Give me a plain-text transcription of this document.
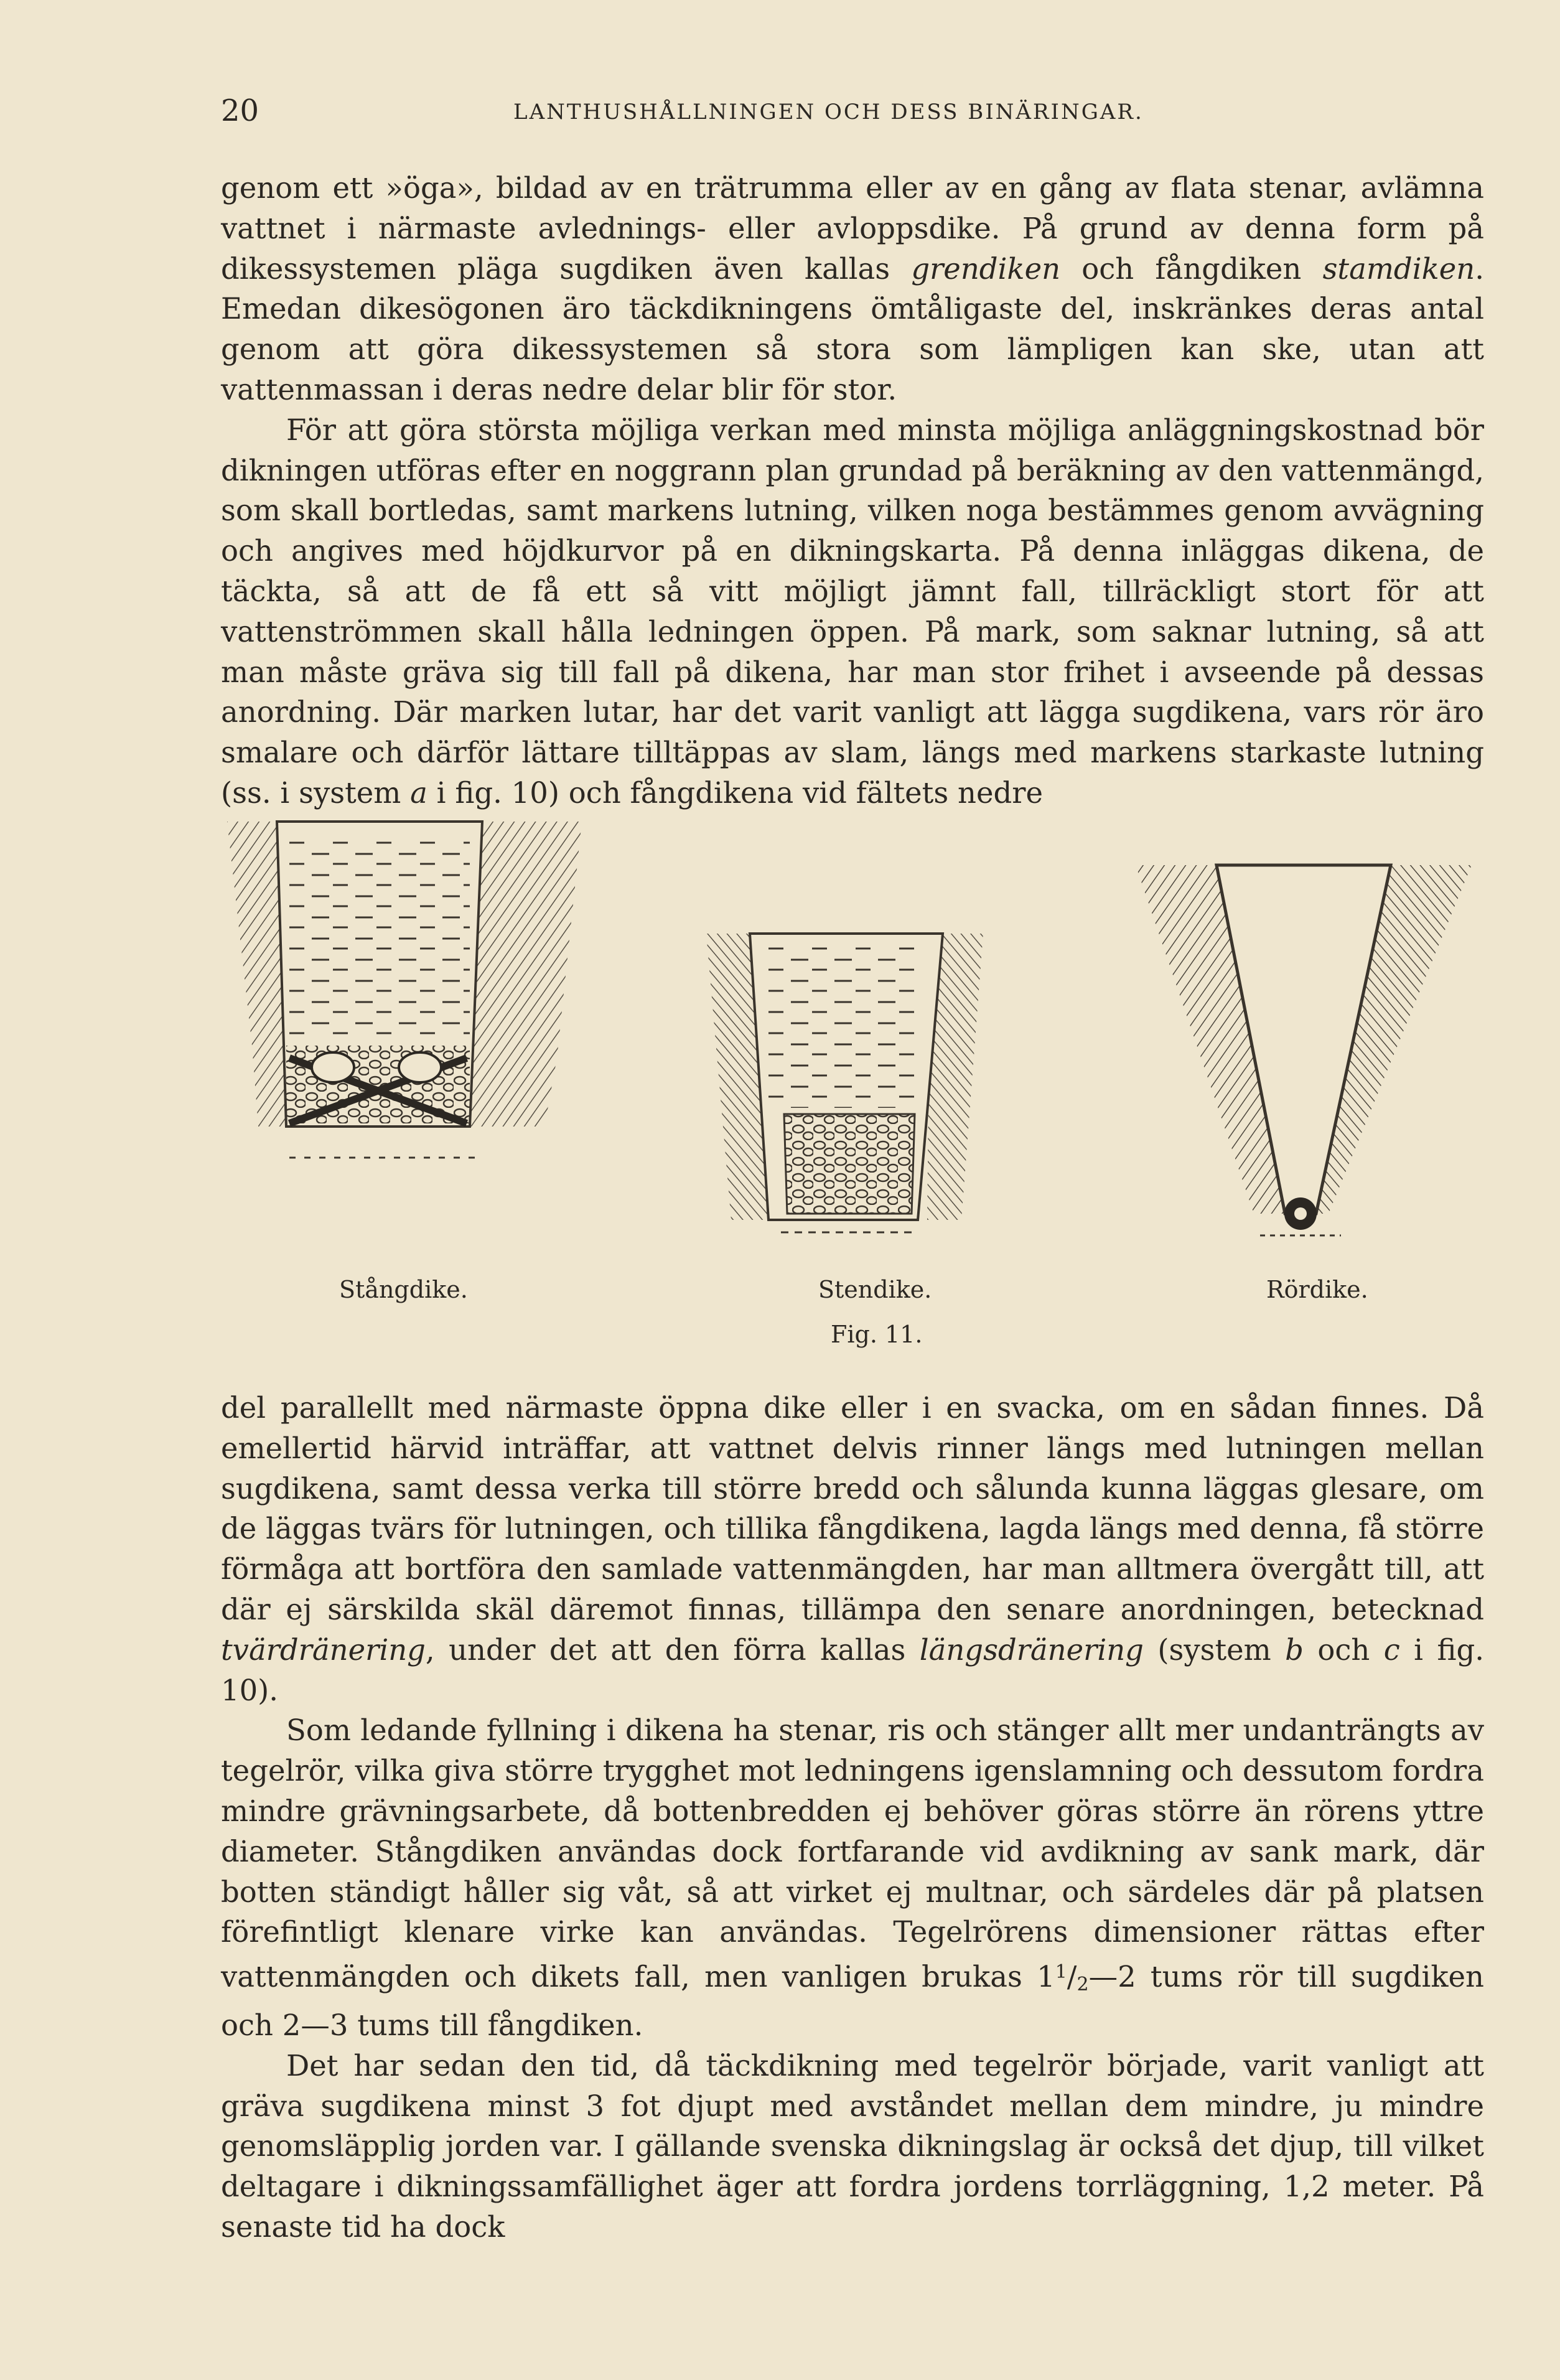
20	LANTHUSHÅLLNINGEN OCH DESS BINÄRINGAR.

genom ett »öga», bildad av en trätrumma eller av en gång av flata stenar, avlämna vattnet i närmaste avlednings- eller avloppsdike. På grund av denna form på dikessystemen pläga sugdiken även kallas grendiken och fångdiken stamdiken. Emedan dikesögonen äro täckdikningens ömtåligaste del, inskränkes deras antal genom att göra dikessystemen så stora som lämpligen kan ske, utan att vattenmassan i deras nedre delar blir för stor.

För att göra största möjliga verkan med minsta möjliga anläggningskostnad bör dikningen utföras efter en noggrann plan grundad på beräkning av den vattenmängd, som skall bortledas, samt markens lutning, vilken noga bestämmes genom avvägning och angives med höjdkurvor på en dikningskarta. På denna inläggas dikena, de täckta, så att de få ett så vitt möjligt jämnt fall, tillräckligt stort för att vattenströmmen skall hålla ledningen öppen. På mark, som saknar lutning, så att man måste gräva sig till fall på dikena, har man stor frihet i avseende på dessas anordning. Där marken lutar, har det varit vanligt att lägga sugdikena, vars rör äro smalare och därför lättare tilltäppas av slam, längs med markens starkaste lutning (ss. i system a i fig. 10) och fångdikena vid fältets nedre

Stångdike.	Stendike.	Rördike.
Fig. 11.

del parallellt med närmaste öppna dike eller i en svacka, om en sådan finnes. Då emellertid härvid inträffar, att vattnet delvis rinner längs med lutningen mellan sugdikena, samt dessa verka till större bredd och sålunda kunna läggas glesare, om de läggas tvärs för lutningen, och tillika fångdikena, lagda längs med denna, få större förmåga att bortföra den samlade vattenmängden, har man alltmera övergått till, att där ej särskilda skäl däremot finnas, tillämpa den senare anordningen, betecknad tvärdränering, under det att den förra kallas längsdränering (system b och c i fig. 10).

Som ledande fyllning i dikena ha stenar, ris och stänger allt mer undanträngts av tegelrör, vilka giva större trygghet mot ledningens igenslamning och dessutom fordra mindre grävningsarbete, då bottenbredden ej behöver göras större än rörens yttre diameter. Stångdiken användas dock fortfarande vid avdikning av sank mark, där botten ständigt håller sig våt, så att virket ej multnar, och särdeles där på platsen förefintligt klenare virke kan användas. Tegelrörens dimensioner rättas efter vattenmängden och dikets fall, men vanligen brukas $1^1/_2—2$ tums rör till sugdiken och 2—3 tums till fångdiken.

Det har sedan den tid, då täckdikning med tegelrör började, varit vanligt att gräva sugdikena minst 3 fot djupt med avståndet mellan dem mindre, ju mindre genomsläpplig jorden var. I gällande svenska dikningslag är också det djup, till vilket deltagare i dikningssamfällighet äger att fordra jordens torrläggning, 1,2 meter. På senaste tid ha dock
